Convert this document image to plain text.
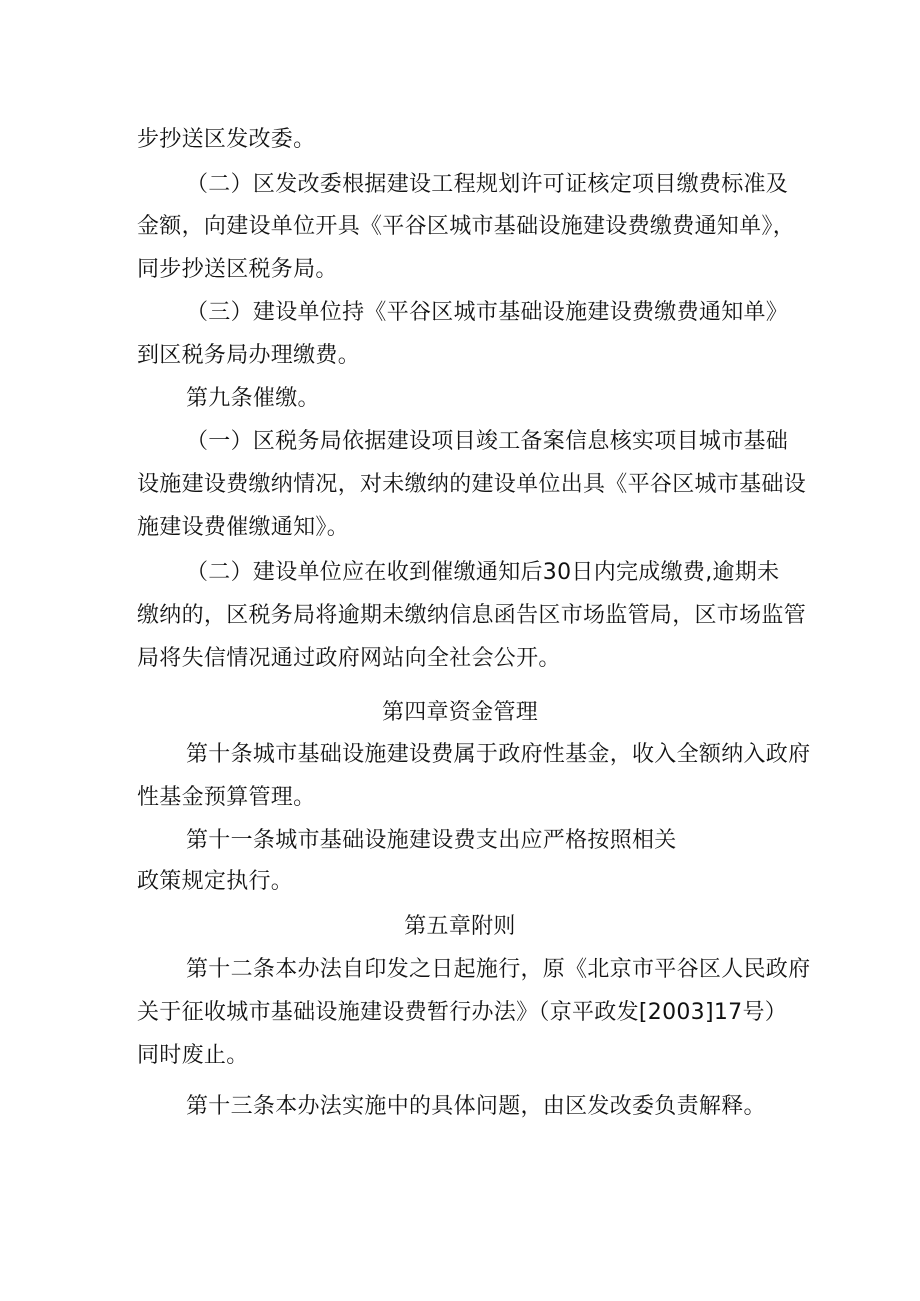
步抄送区发改委。
（二）区发改委根据建设工程规划许可证核定项目缴费标准及
金额，向建设单位开具《平谷区城市基础设施建设费缴费通知单》，
同步抄送区税务局。
（三）建设单位持《平谷区城市基础设施建设费缴费通知单》
到区税务局办理缴费。
第九条催缴。
（一）区税务局依据建设项目竣工备案信息核实项目城市基础
设施建设费缴纳情况，对未缴纳的建设单位出具《平谷区城市基础设
施建设费催缴通知》。
（二）建设单位应在收到催缴通知后30日内完成缴费,逾期未
缴纳的，区税务局将逾期未缴纳信息函告区市场监管局，区市场监管
局将失信情况通过政府网站向全社会公开。
第四章资金管理
第十条城市基础设施建设费属于政府性基金，收入全额纳入政府
性基金预算管理。
第十一条城市基础设施建设费支出应严格按照相关
政策规定执行。
第五章附则
第十二条本办法自印发之日起施行，原《北京市平谷区人民政府
关于征收城市基础设施建设费暂行办法》（京平政发[2003]17号）
同时废止。
第十三条本办法实施中的具体问题，由区发改委负责解释。
